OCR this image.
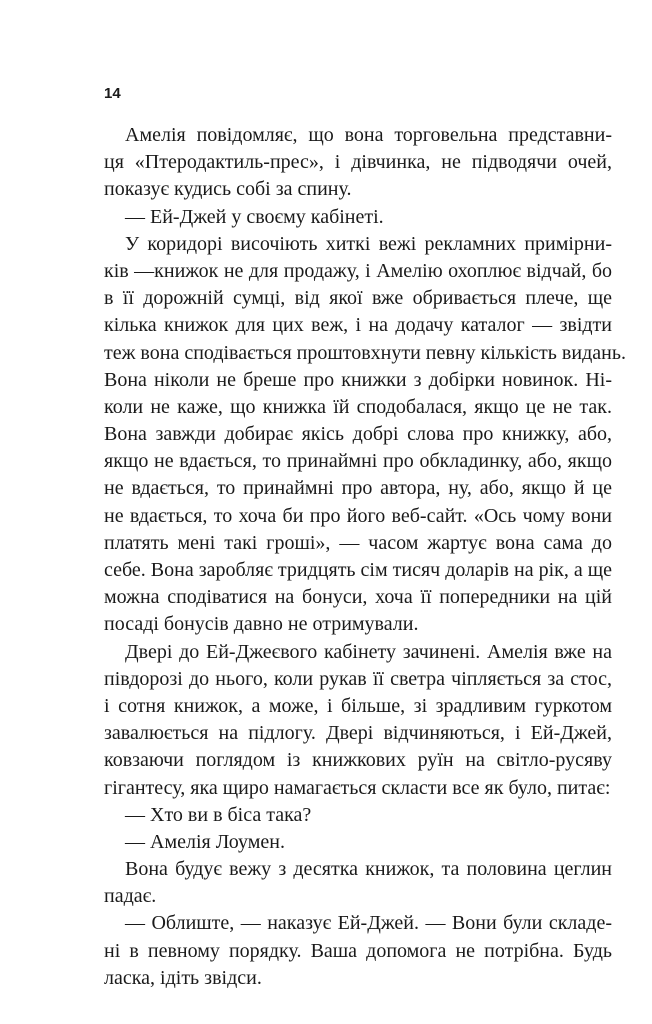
14

Амелія повідомляє, що вона торговельна представни-
ця «Птеродактиль-прес», і дівчинка, не підводячи очей,
показує кудись собі за спину.

— Ей-Джей у своєму кабінеті.

У коридорі височіють хиткі вежі рекламних примірни-
ків —книжок не для продажу, і Амелію охоплює відчай, бо
в її дорожній сумці, від якої вже обривається плече, ще
кілька книжок для цих веж, і на додачу каталог — звідти
теж вона сподівається проштовхнути певну кількість видань.
Вона ніколи не бреше про книжки з добірки новинок. Ні-
коли не каже, що книжка їй сподобалася, якщо це не так.
Вона завжди добирає якісь добрі слова про книжку, або,
якщо не вдається, то принаймні про обкладинку, або, якщо
не вдається, то принаймні про автора, ну, або, якщо й це
не вдається, то хоча би про його веб-сайт. «Ось чому вони
платять мені такі гроші», — часом жартує вона сама до
себе. Вона заробляє тридцять сім тисяч доларів на рік, а ще
можна сподіватися на бонуси, хоча її попередники на цій
посаді бонусів давно не отримували.

Двері до Ей-Джеєвого кабінету зачинені. Амелія вже на
півдорозі до нього, коли рукав її светра чіпляється за стос,
і сотня книжок, а може, і більше, зі зрадливим гуркотом
завалюється на підлогу. Двері відчиняються, і Ей-Джей,
ковзаючи поглядом із книжкових руїн на світло-русяву
гігантесу, яка щиро намагається скласти все як було, питає:

— Хто ви в біса така?

— Амелія Лоумен.

Вона будує вежу з десятка книжок, та половина цеглин
падає.

— Облиште, — наказує Ей-Джей. — Вони були складе-
ні в певному порядку. Ваша допомога не потрібна. Будь
ласка, ідіть звідси.
